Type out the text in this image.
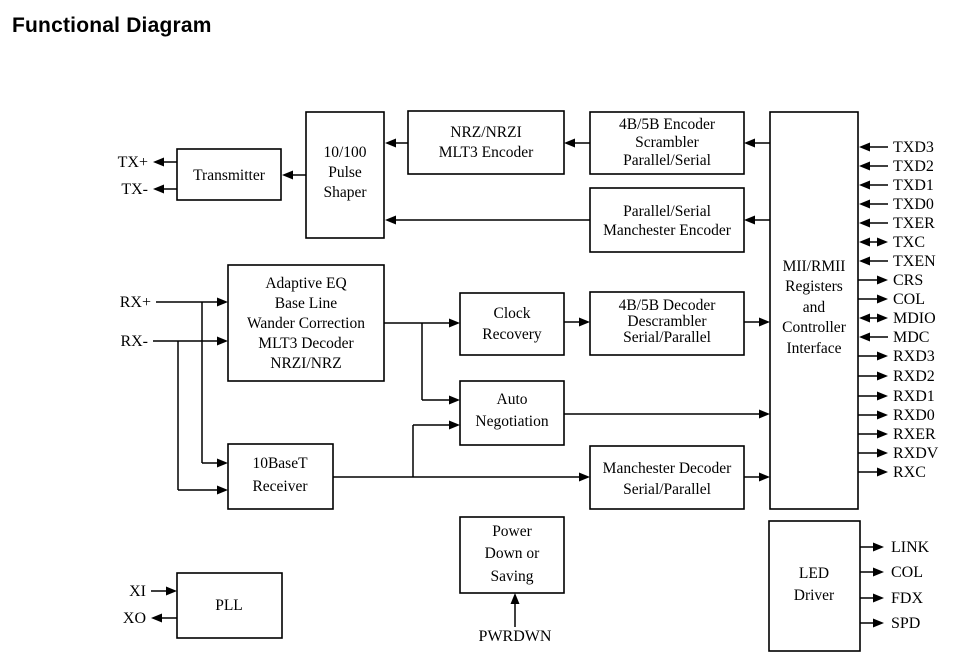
Functional Diagram
Transmitter
10/100
Pulse
Shaper
NRZ/NRZI
MLT3 Encoder
4B/5B Encoder
Scrambler
Parallel/Serial
Parallel/Serial
Manchester Encoder
MII/RMII
Registers
and
Controller
Interface
Adaptive EQ
Base Line
Wander Correction
MLT3 Decoder
NRZI/NRZ
Clock
Recovery
4B/5B Decoder
Descrambler
Serial/Parallel
Auto
Negotiation
10BaseT
Receiver
Manchester Decoder
Serial/Parallel
Power
Down or
Saving
PLL
LED
Driver
TX+
TX-
RX+
RX-
XI
XO
PWRDWN
TXD3
TXD2
TXD1
TXD0
TXER
TXC
TXEN
CRS
COL
MDIO
MDC
RXD3
RXD2
RXD1
RXD0
RXER
RXDV
RXC
LINK
COL
FDX
SPD
